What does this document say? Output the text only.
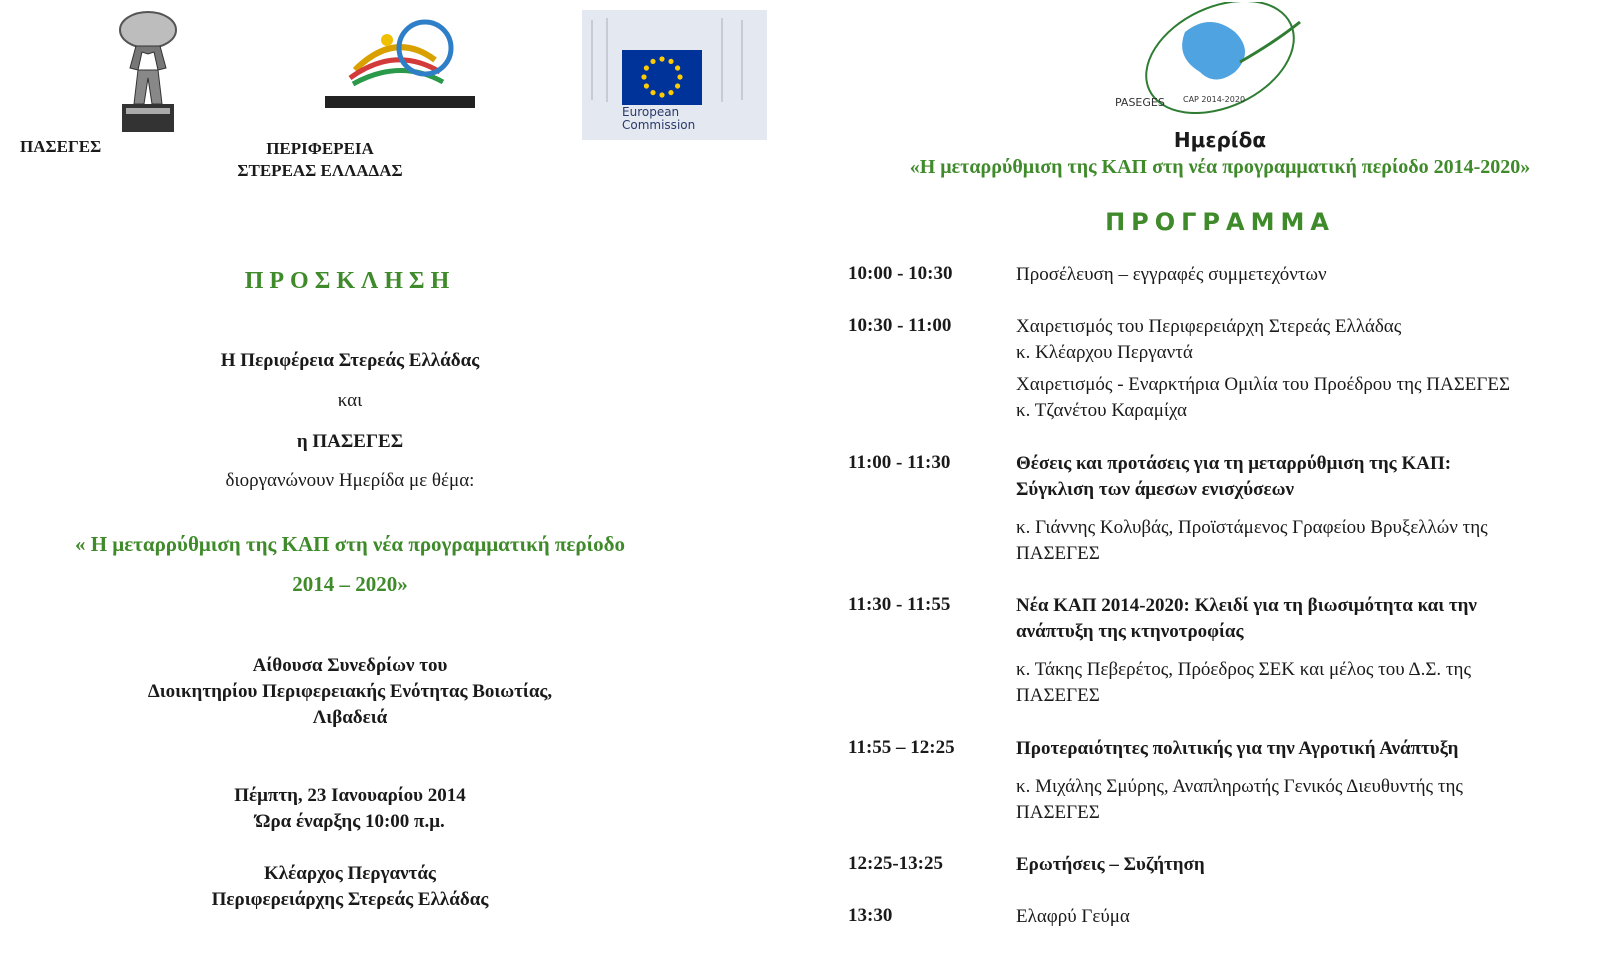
ΠΑΣΕΓΕΣ	ΠΕΡΙΦΕΡΕΙΑ
ΣΤΕΡΕΑΣ ΕΛΛΑΔΑΣ
European
Commission
PASEGES CAP 2014-2020
ΠΡΟΣΚΛΗΣΗ
Η Περιφέρεια Στερεάς Ελλάδας
και
η ΠΑΣΕΓΕΣ
διοργανώνουν Ημερίδα με θέμα:
« Η μεταρρύθμιση της ΚΑΠ στη νέα προγραμματική περίοδο
2014 – 2020»
Αίθουσα Συνεδρίων του
Διοικητηρίου Περιφερειακής Ενότητας Βοιωτίας,
Λιβαδειά
Πέμπτη, 23 Ιανουαρίου 2014
Ώρα έναρξης 10:00 π.μ.
Κλέαρχος Περγαντάς
Περιφερειάρχης Στερεάς Ελλάδας
Ημερίδα
«Η μεταρρύθμιση της ΚΑΠ στη νέα προγραμματική περίοδο 2014-2020»
ΠΡΟΓΡΑΜΜΑ
10:00 - 10:30	Προσέλευση – εγγραφές συμμετεχόντων
10:30 - 11:00	Χαιρετισμός του Περιφερειάρχη Στερεάς Ελλάδας
κ. Κλέαρχου Περγαντά
Χαιρετισμός - Εναρκτήρια Ομιλία του Προέδρου της ΠΑΣΕΓΕΣ
κ. Τζανέτου Καραμίχα
11:00 - 11:30	Θέσεις και προτάσεις για τη μεταρρύθμιση της ΚΑΠ:
Σύγκλιση των άμεσων ενισχύσεων
κ. Γιάννης Κολυβάς, Προϊστάμενος Γραφείου Βρυξελλών της
ΠΑΣΕΓΕΣ
11:30 - 11:55	Νέα ΚΑΠ 2014-2020: Κλειδί για τη βιωσιμότητα και την
ανάπτυξη της κτηνοτροφίας
κ. Τάκης Πεβερέτος, Πρόεδρος ΣΕΚ και μέλος του Δ.Σ. της
ΠΑΣΕΓΕΣ
11:55 – 12:25	Προτεραιότητες πολιτικής για την Αγροτική Ανάπτυξη
κ. Μιχάλης Σμύρης, Αναπληρωτής Γενικός Διευθυντής της
ΠΑΣΕΓΕΣ
12:25-13:25	Ερωτήσεις – Συζήτηση
13:30	Ελαφρύ Γεύμα
